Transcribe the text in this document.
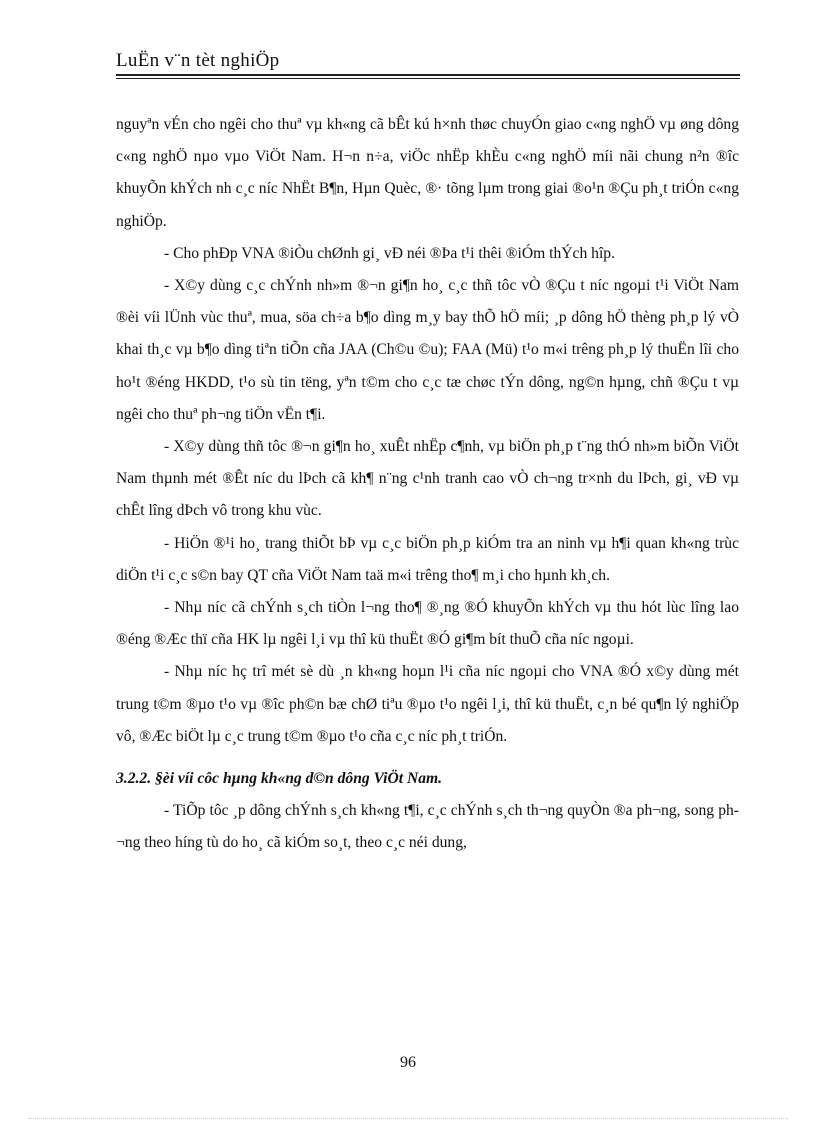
LuËn v¨n tèt nghiÖp

nguyªn vÉn cho ngêi cho thuª vµ kh«ng cã bÊt kú h×nh thøc chuyÓn giao c«ng nghÖ vµ øng dông c«ng nghÖ nµo vµo ViÖt Nam. H¬n n÷a, viÖc nhËp khÈu c«ng nghÖ míi nãi chung n²n ®îc khuyÕn khÝch nh c¸c níc NhËt B¶n, Hµn Quèc, ®· tõng lµm trong giai ®o¹n ®Çu ph¸t triÓn c«ng nghiÖp.

- Cho phÐp VNA ®iÒu chØnh gi¸ vÐ néi ®Þa t¹i thêi ®iÓm thÝch hîp.

- X©y dùng c¸c chÝnh nh»m ®¬n gi¶n ho¸ c¸c thñ tôc vÒ ®Çu t níc ngoµi t¹i ViÖt Nam ®èi víi lÜnh vùc thuª, mua, söa ch÷a b¶o dìng m¸y bay thÕ hÖ míi; ¸p dông hÖ thèng ph¸p lý vÒ khai th¸c vµ b¶o dìng tiªn tiÕn cña JAA (Ch©u ©u); FAA (Mü) t¹o m«i trêng ph¸p lý thuËn lîi cho ho¹t ®éng HKDD, t¹o sù tin tëng, yªn t©m cho c¸c tæ chøc tÝn dông, ng©n hµng, chñ ®Çu t vµ ngêi cho thuª ph¬ng tiÖn vËn t¶i.

- X©y dùng thñ tôc ®¬n gi¶n ho¸ xuÊt nhËp c¶nh, vµ biÖn ph¸p t¨ng thÓ nh»m biÕn ViÖt Nam thµnh mét ®Êt níc du lÞch cã kh¶ n¨ng c¹nh tranh cao vÒ ch¬ng tr×nh du lÞch, gi¸ vÐ vµ chÊt lîng dÞch vô trong khu vùc.

- HiÖn ®¹i ho¸ trang thiÕt bÞ vµ c¸c biÖn ph¸p kiÓm tra an ninh vµ h¶i quan kh«ng trùc diÖn t¹i c¸c s©n bay QT cña ViÖt Nam taä m«i trêng tho¶ m¸i cho hµnh kh¸ch.

- Nhµ níc cã chÝnh s¸ch tiÒn l¬ng tho¶ ®¸ng ®Ó khuyÕn khÝch vµ thu hót lùc lîng lao ®éng ®Æc thï cña HK lµ ngêi l¸i vµ thî kü thuËt ®Ó gi¶m bít thuÕ cña níc ngoµi.

- Nhµ níc hç trî mét sè dù ¸n kh«ng hoµn l¹i cña níc ngoµi cho VNA ®Ó x©y dùng mét trung t©m ®µo t¹o vµ ®îc ph©n bæ chØ tiªu ®µo t¹o ngêi l¸i, thî kü thuËt, c¸n bé qu¶n lý nghiÖp vô, ®Æc biÖt lµ c¸c trung t©m ®µo t¹o cña c¸c níc ph¸t triÓn.

3.2.2. §èi víi côc hµng kh«ng d©n dông ViÖt Nam.

- TiÕp tôc ¸p dông chÝnh s¸ch kh«ng t¶i, c¸c chÝnh s¸ch th¬ng quyÒn ®a ph¬ng, song ph¬ng theo híng tù do ho¸ cã kiÓm so¸t, theo c¸c néi dung,

96
